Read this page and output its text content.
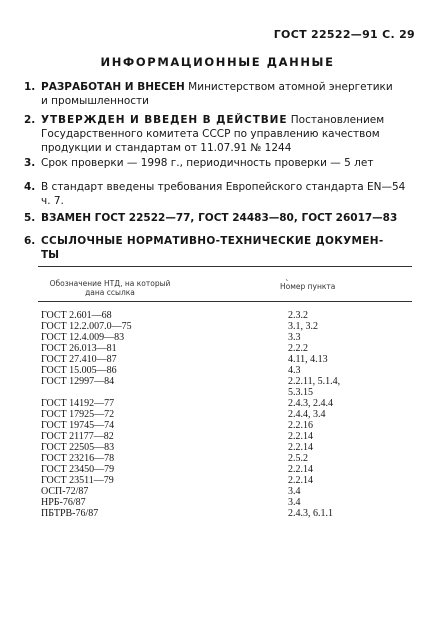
ГОСТ 22522—91 С. 29
ИНФОРМАЦИОННЫЕ ДАННЫЕ
1. РАЗРАБОТАН И ВНЕСЕН Министерством атомной энергетики
и промышленности
2. УТВЕРЖДЕН И ВВЕДЕН В ДЕЙСТВИЕ Постановлением
Государственного комитета СССР по управлению качеством
продукции и стандартам от 11.07.91 № 1244
3. Срок проверки — 1998 г., периодичность проверки — 5 лет
4. В стандарт введены требования Европейского стандарта EN—54
ч. 7.
5. ВЗАМЕН ГОСТ 22522—77, ГОСТ 24483—80, ГОСТ 26017—83
6. ССЫЛОЧНЫЕ НОРМАТИВНО-ТЕХНИЧЕСКИЕ ДОКУМЕН-
ТЫ
ˎ
Обозначение НТД, на который
дана ссылка
Номер пункта
ГОСТ 2.601—68	2.3.2
ГОСТ 12.2.007.0—75	3.1, 3.2
ГОСТ 12.4.009—83	3.3
ГОСТ 26.013—81	2.2.2
ГОСТ 27.410—87	4.11, 4.13
ГОСТ 15.005—86	4.3
ГОСТ 12997—84	2.2.11, 5.1.4,
5.3.15
ГОСТ 14192—77	2.4.3, 2.4.4
ГОСТ 17925—72	2.4.4, 3.4
ГОСТ 19745—74	2.2.16
ГОСТ 21177—82	2.2.14
ГОСТ 22505—83	2.2.14
ГОСТ 23216—78	2.5.2
ГОСТ 23450—79	2.2.14
ГОСТ 23511—79	2.2.14
ОСП-72/87	3.4
НРБ-76/87	3.4
ПБТРВ-76/87	2.4.3, 6.1.1
